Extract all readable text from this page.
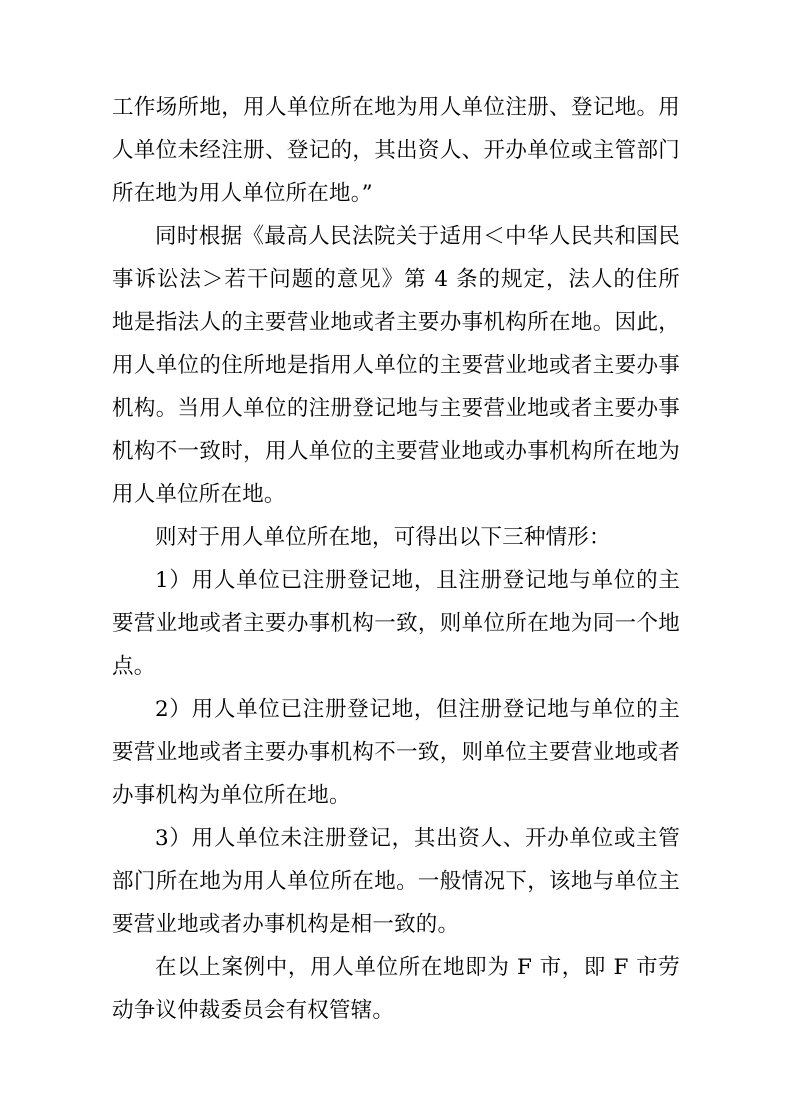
工作场所地，用人单位所在地为用人单位注册、登记地。用人单位未经注册、登记的，其出资人、开办单位或主管部门所在地为用人单位所在地。”

同时根据《最高人民法院关于适用＜中华人民共和国民事诉讼法＞若干问题的意见》第 4 条的规定，法人的住所地是指法人的主要营业地或者主要办事机构所在地。因此，用人单位的住所地是指用人单位的主要营业地或者主要办事机构。当用人单位的注册登记地与主要营业地或者主要办事机构不一致时，用人单位的主要营业地或办事机构所在地为用人单位所在地。

则对于用人单位所在地，可得出以下三种情形：

1）用人单位已注册登记地，且注册登记地与单位的主要营业地或者主要办事机构一致，则单位所在地为同一个地点。

2）用人单位已注册登记地，但注册登记地与单位的主要营业地或者主要办事机构不一致，则单位主要营业地或者办事机构为单位所在地。

3）用人单位未注册登记，其出资人、开办单位或主管部门所在地为用人单位所在地。一般情况下，该地与单位主要营业地或者办事机构是相一致的。

在以上案例中，用人单位所在地即为 F 市，即 F 市劳动争议仲裁委员会有权管辖。
